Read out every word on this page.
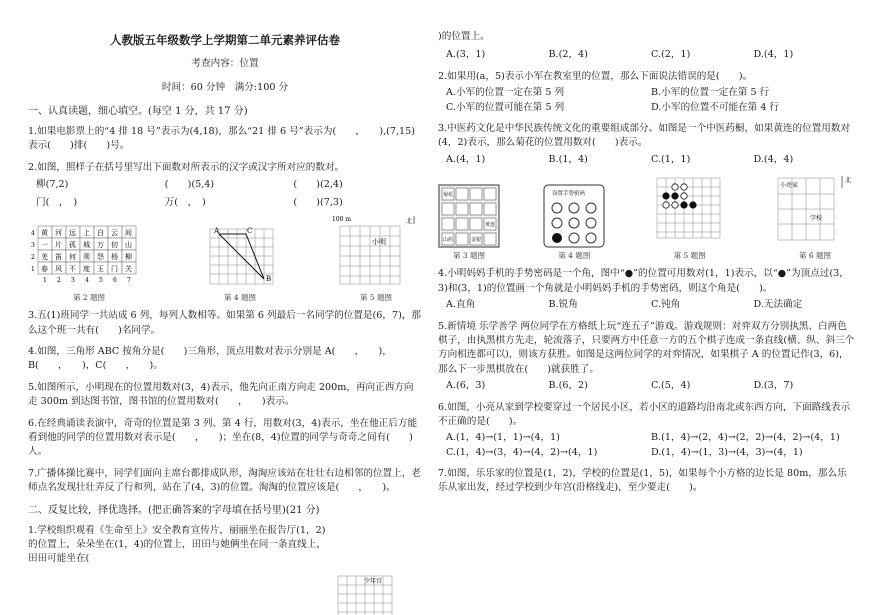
人教版五年级数学上学期第二单元素养评估卷
考查内容：位置
时间：60 分钟　满分:100 分
一、认真读题，细心填空。(每空 1 分，共 17 分)
1.如果电影票上的“4 排 18 号”表示为(4,18)，那么“21 排 6 号”表示为(　　，　　),(7,15)表示(　　)排(　　)号。
2.如图，照样子在括号里写出下面数对所表示的汉字或汉字所对应的数对。
柳(7,2)	(　　)(5,4)	(　　)(2,4)
门(　，　)	万(　，　)	(　　)(7,3)
黄 河 远 上 白 云 间
一 片 孤 城 万 仞 山
羌 笛 何 须 怨 杨 柳
春 风 不 度 玉 门 关
4
3
2
1
1 2 3 4 5 6 7
第 2 题图
A	C
B
第 4 题图
100 m	北
小明
第 5 题图
3.五(1)班同学一共站成 6 列，每列人数相等。如果第 6 列最后一名同学的位置是(6，7)，那么这个班一共有(　　)名同学。
4.如图，三角形 ABC 按角分是(　　)三角形，顶点用数对表示分别是 A(　　，　　)，B(　　，　　)，C(　　，　　)。
5.如图所示，小明现在的位置用数对(3，4)表示，他先向正南方向走 200m，再向正西方向走 300m 到达图书馆，图书馆的位置用数对(　　，　　)表示。
6.在经典诵读表演中，奇奇的位置是第 3 列、第 4 行，用数对(3，4)表示，坐在他正后方能看到他的同学的位置用数对表示是(　　，　　)；坐在(8，4)位置的同学与奇奇之间有(　　)人。
7.广播体操比赛中，同学们面向主席台都排成队形，淘淘应该站在壮壮右边相邻的位置上，老师点名发现壮壮弄反了行和列，站在了(4，3)的位置。淘淘的位置应该是(　　，　　)。
二、反复比较，择优选择。(把正确答案的字母填在括号里)(21 分)
1.学校组织观看《生命至上》安全教育宣传片，丽丽坐在报告厅(1，2)的位置上，朵朵坐在(1，4)的位置上，田田与她俩坐在同一条直线上，田田可能坐在(
少年宫
)的位置上。
A.(3，1)	B.(2，4)	C.(2，1)	D.(4，1)
2.如果用(a，5)表示小军在教室里的位置，那么下面说法错误的是(　　)。
A.小军的位置一定在第 5 列	B.小军的位置一定在第 5 行
C.小军的位置可能在第 5 列	D.小军的位置不可能在第 4 行
3.中医药文化是中华民族传统文化的重要组成部分。如图是一个中医药橱，如果黄连的位置用数对(4，2)表示，那么菊花的位置用数对(　　)表示。
A.(4，1)	B.(1，4)	C.(1，1)	D.(4，4)
菊花
黄连
山药	金银
第 3 题图
设置手势密码
第 4 题图	第 5 题图
小亮家
学校
北
第 6 题图
4.小明妈妈手机的手势密码是一个角，图中“●”的位置可用数对(1，1)表示，以“●”为顶点过(3，3)和(3，1)的位置画一个角就是小明妈妈手机的手势密码，则这个角是(　　)。
A.直角	B.锐角	C.钝角	D.无法确定
5.新情境 乐学善学 两位同学在方格纸上玩“连五子”游戏。游戏规则：对弈双方分别执黑、白两色棋子，由执黑棋方先走，轮流落子，只要两方中任意一方的五个棋子连成一条直线(横、纵、斜三个方向相连都可以)，则该方获胜。如图是这两位同学的对弈情况，如果棋子 A 的位置记作(3，6)，那么下一步黑棋放在(　　)就获胜了。
A.(6，3)	B.(6，2)	C.(5，4)	D.(3，7)
6.如图，小亮从家到学校要穿过一个居民小区，若小区的道路均沿南北或东西方向，下面路线表示不正确的是(　　)。
A.(1，4)→(1，1)→(4，1)	B.(1，4)→(2，4)→(2，2)→(4，2)→(4，1)
C.(1，4)→(3，4)→(4，2)→(4，1)	D.(1，4)→(1，3)→(4，3)→(4，1)
7.如图，乐乐家的位置是(1，2)，学校的位置是(1，5)，如果每个小方格的边长是 80m，那么乐乐从家出发，经过学校到少年宫(沿格线走)，至少要走(　　)。
